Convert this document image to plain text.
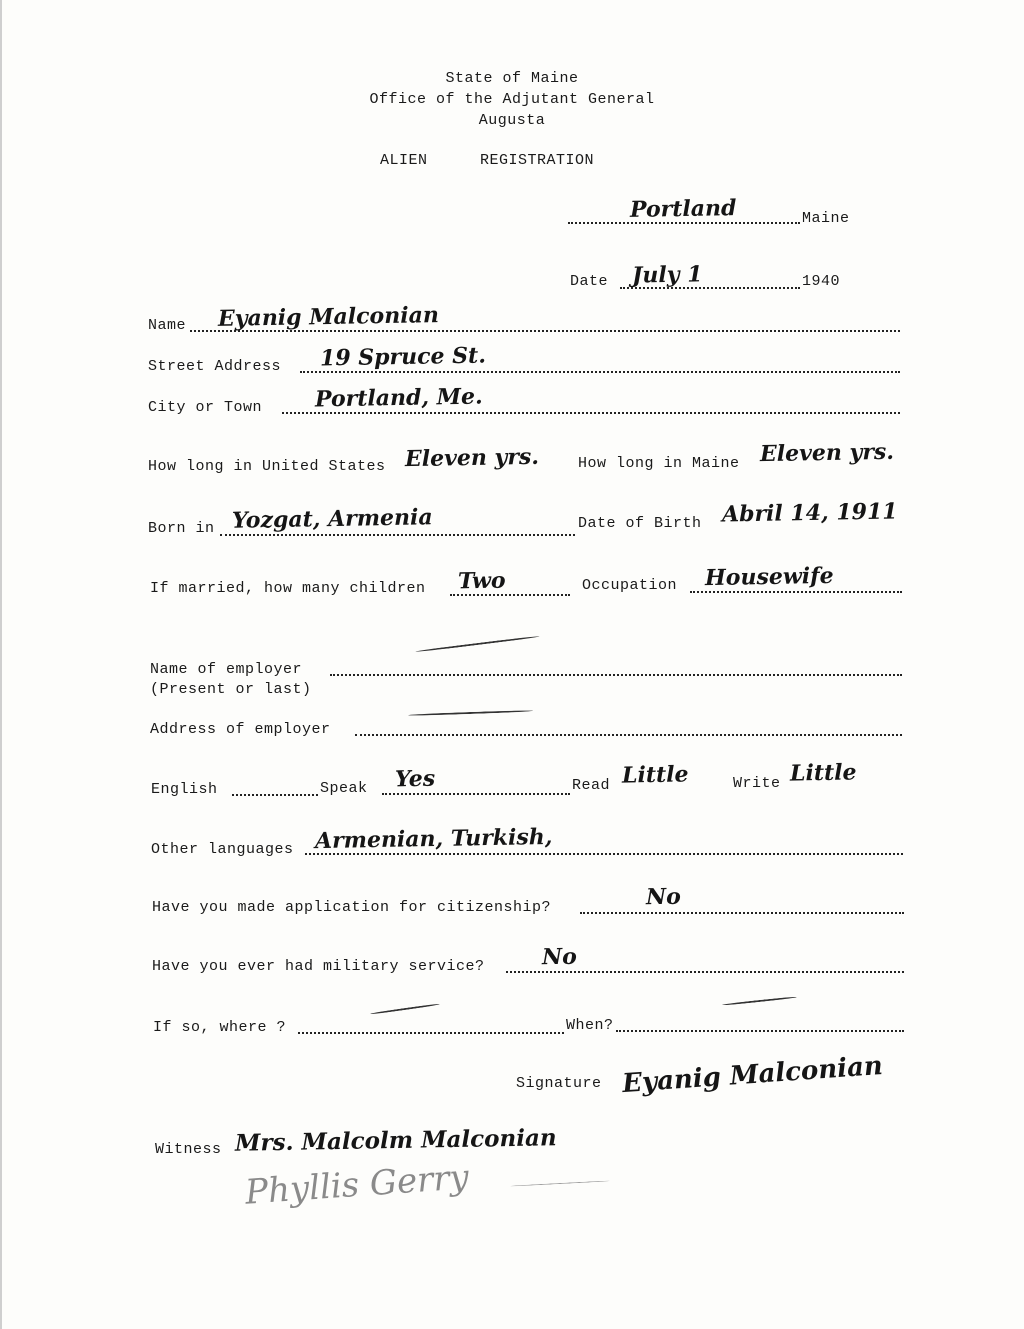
State of Maine
Office of the Adjutant General
Augusta
ALIEN	REGISTRATION
Portland	Maine
Date July 1	1940
Name Eyanig Malconian
Street Address 19 Spruce St.
City or Town Portland, Me.
How long in United States Eleven yrs.	How long in Maine Eleven yrs.
Born in Yozgat, Armenia	Date of Birth Abril 14, 1911
If married, how many children Two	Occupation Housewife
Name of employer
(Present or last)
Address of employer
English	Speak Yes	Read Little	Write Little
Other languages Armenian, Turkish,
Have you made application for citizenship?	No
Have you ever had military service?	No
If so, where ?	When?
Signature Eyanig Malconian
Witness Mrs. Malcolm Malconian
Phyllis Gerry
